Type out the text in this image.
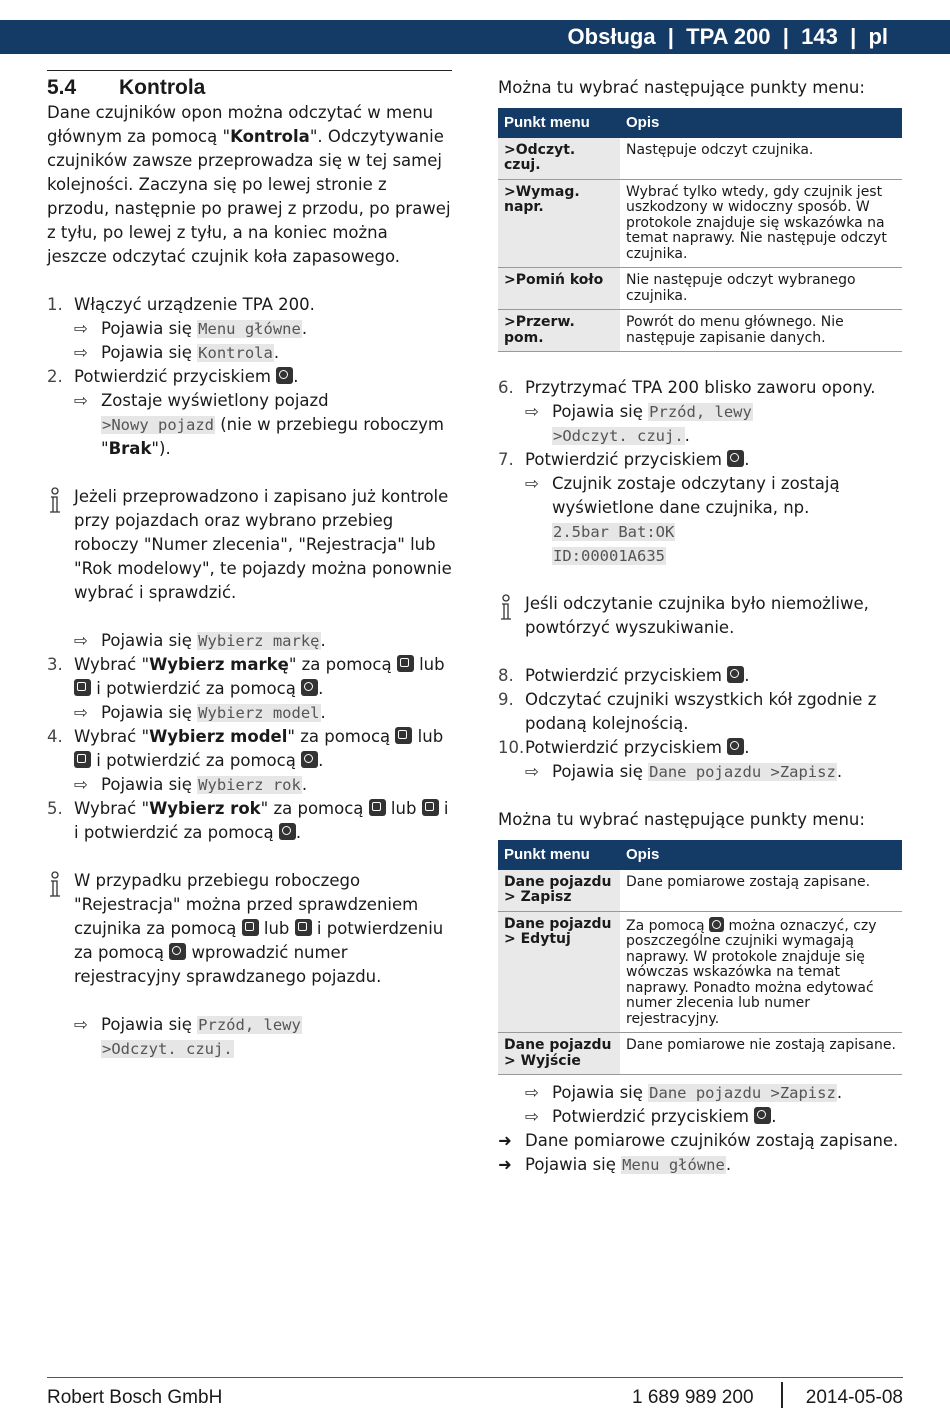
Obsługa  |  TPA 200  |  143  |  pl
5.4 Kontrola

Dane czujników opon można odczytać w menu głównym za pomocą "Kontrola". Odczytywanie czujników zawsze przeprowadza się w tej samej kolejności. Zaczyna się po lewej stronie z przodu, następnie po prawej z przodu, po prawej z tyłu, po lewej z tyłu, a na koniec można jeszcze odczytać czujnik koła zapasowego.

1. Włączyć urządzenie TPA 200.
⇨ Pojawia się Menu główne.
⇨ Pojawia się Kontrola.
2. Potwierdzić przyciskiem .
⇨ Zostaje wyświetlony pojazd
>Nowy pojazd (nie w przebiegu roboczym "Brak").
Jeżeli przeprowadzono i zapisano już kontrole przy pojazdach oraz wybrano przebieg roboczy "Numer zlecenia", "Rejestracja" lub "Rok modelowy", te pojazdy można ponownie wybrać i sprawdzić.
⇨ Pojawia się Wybierz markę.
3. Wybrać "Wybierz markę" za pomocą lub
i potwierdzić za pomocą .
⇨ Pojawia się Wybierz model.
4. Wybrać "Wybierz model" za pomocą lub
i potwierdzić za pomocą .
⇨ Pojawia się Wybierz rok.
5. Wybrać "Wybierz rok" za pomocą lub  i
i potwierdzić za pomocą .
W przypadku przebiegu roboczego "Rejestracja" można przed sprawdzeniem czujnika za pomocą lub i potwierdzeniu za pomocą wprowadzić numer rejestracyjny sprawdzanego pojazdu.
⇨ Pojawia się Przód, lewy
>Odczyt. czuj.

Można tu wybrać następujące punkty menu:

Punkt menu	Opis
>Odczyt. czuj.	Następuje odczyt czujnika.
>Wymag. napr.	Wybrać tylko wtedy, gdy czujnik jest uszkodzony w widoczny sposób. W protokole znajduje się wskazówka na temat naprawy. Nie następuje odczyt czujnika.
>Pomiń koło	Nie następuje odczyt wybranego czujnika.
>Przerw. pom.	Powrót do menu głównego. Nie następuje zapisanie danych.
6. Przytrzymać TPA 200 blisko zaworu opony.
⇨ Pojawia się Przód, lewy
>Odczyt. czuj..
7. Potwierdzić przyciskiem .
⇨ Czujnik zostaje odczytany i zostają wyświetlone dane czujnika, np.
2.5bar Bat:OK
ID:00001A635
Jeśli odczytanie czujnika było niemożliwe, powtórzyć wyszukiwanie.
8. Potwierdzić przyciskiem .
9. Odczytać czujniki wszystkich kół zgodnie z podaną kolejnością.
10. Potwierdzić przyciskiem .
⇨ Pojawia się Dane pojazdu >Zapisz.

Można tu wybrać następujące punkty menu:

Punkt menu	Opis
Dane pojazdu > Zapisz	Dane pomiarowe zostają zapisane.
Dane pojazdu > Edytuj	Za pomocą można oznaczyć, czy poszczególne czujniki wymagają naprawy. W protokole znajduje się wówczas wskazówka na temat naprawy. Ponadto można edytować numer zlecenia lub numer rejestracyjny.
Dane pojazdu > Wyjście	Dane pomiarowe nie zostają zapisane.
⇨ Pojawia się Dane pojazdu >Zapisz.
⇨ Potwierdzić przyciskiem .
➜ Dane pomiarowe czujników zostają zapisane.
➜ Pojawia się Menu główne.
Robert Bosch GmbH	1 689 989 200	2014-05-08
